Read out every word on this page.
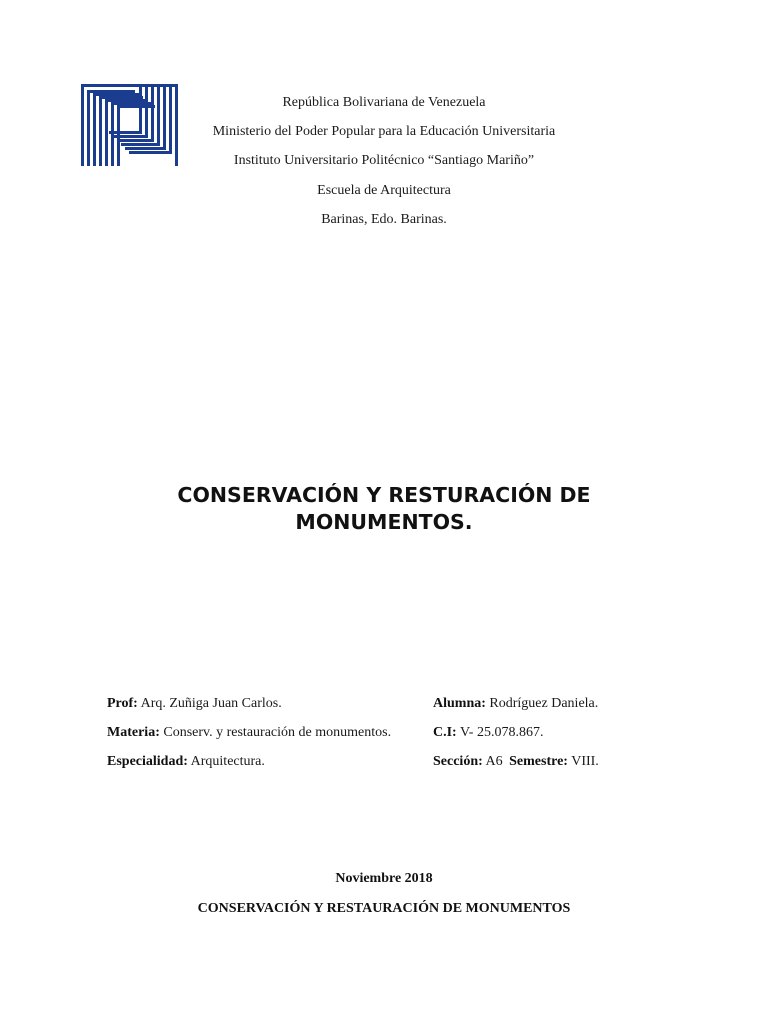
República Bolivariana de Venezuela
Ministerio del Poder Popular para la Educación Universitaria
Instituto Universitario Politécnico “Santiago Mariño”
Escuela de Arquitectura
Barinas, Edo. Barinas.
CONSERVACIÓN Y RESTURACIÓN DE
MONUMENTOS.
Prof: Arq. Zuñiga Juan Carlos.
Materia: Conserv. y restauración de monumentos.
Especialidad: Arquitectura.
Alumna: Rodríguez Daniela.
C.I: V- 25.078.867.
Sección: A6 Semestre: VIII.
Noviembre 2018
CONSERVACIÓN Y RESTAURACIÓN DE MONUMENTOS
